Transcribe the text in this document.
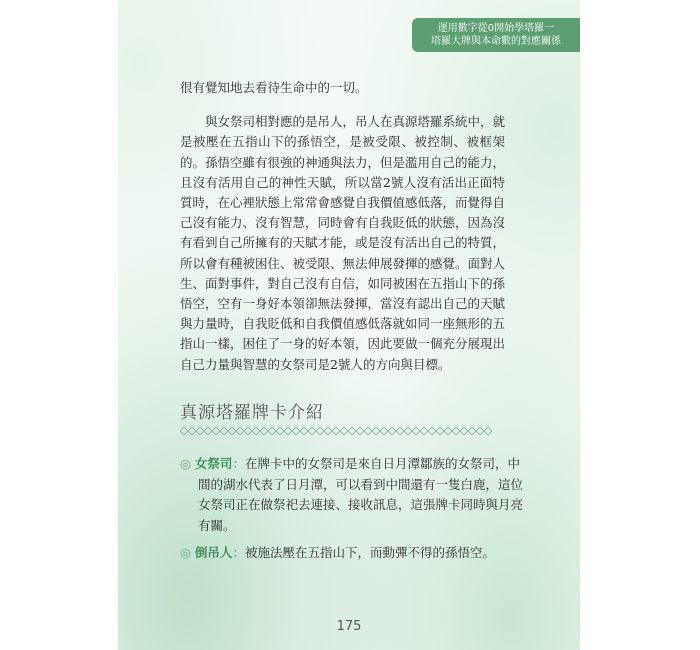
運用數字從0開始學塔羅一
塔羅大牌與本命數的對應關係

很有覺知地去看待生命中的一切。

與女祭司相對應的是吊人，吊人在真源塔羅系統中，就是被壓在五指山下的孫悟空，是被受限、被控制、被框架的。孫悟空雖有很強的神通與法力，但是濫用自己的能力，且沒有活用自己的神性天賦，所以當2號人沒有活出正面特質時，在心裡狀態上常常會感覺自我價值感低落，而覺得自己沒有能力、沒有智慧，同時會有自我貶低的狀態，因為沒有看到自己所擁有的天賦才能，或是沒有活出自己的特質，所以會有種被困住、被受限、無法伸展發揮的感覺。面對人生、面對事件，對自己沒有自信，如同被困在五指山下的孫悟空，空有一身好本領卻無法發揮，當沒有認出自己的天賦與力量時，自我貶低和自我價值感低落就如同一座無形的五指山一樣，困住了一身的好本領，因此要做一個充分展現出自己力量與智慧的女祭司是2號人的方向與目標。

真源塔羅牌卡介紹
◎ 女祭司：在牌卡中的女祭司是來自日月潭鄒族的女祭司，中間的湖水代表了日月潭，可以看到中間還有一隻白鹿，這位女祭司正在做祭祀去連接、接收訊息，這張牌卡同時與月亮有關。
◎ 倒吊人：被施法壓在五指山下，而動彈不得的孫悟空。
175
